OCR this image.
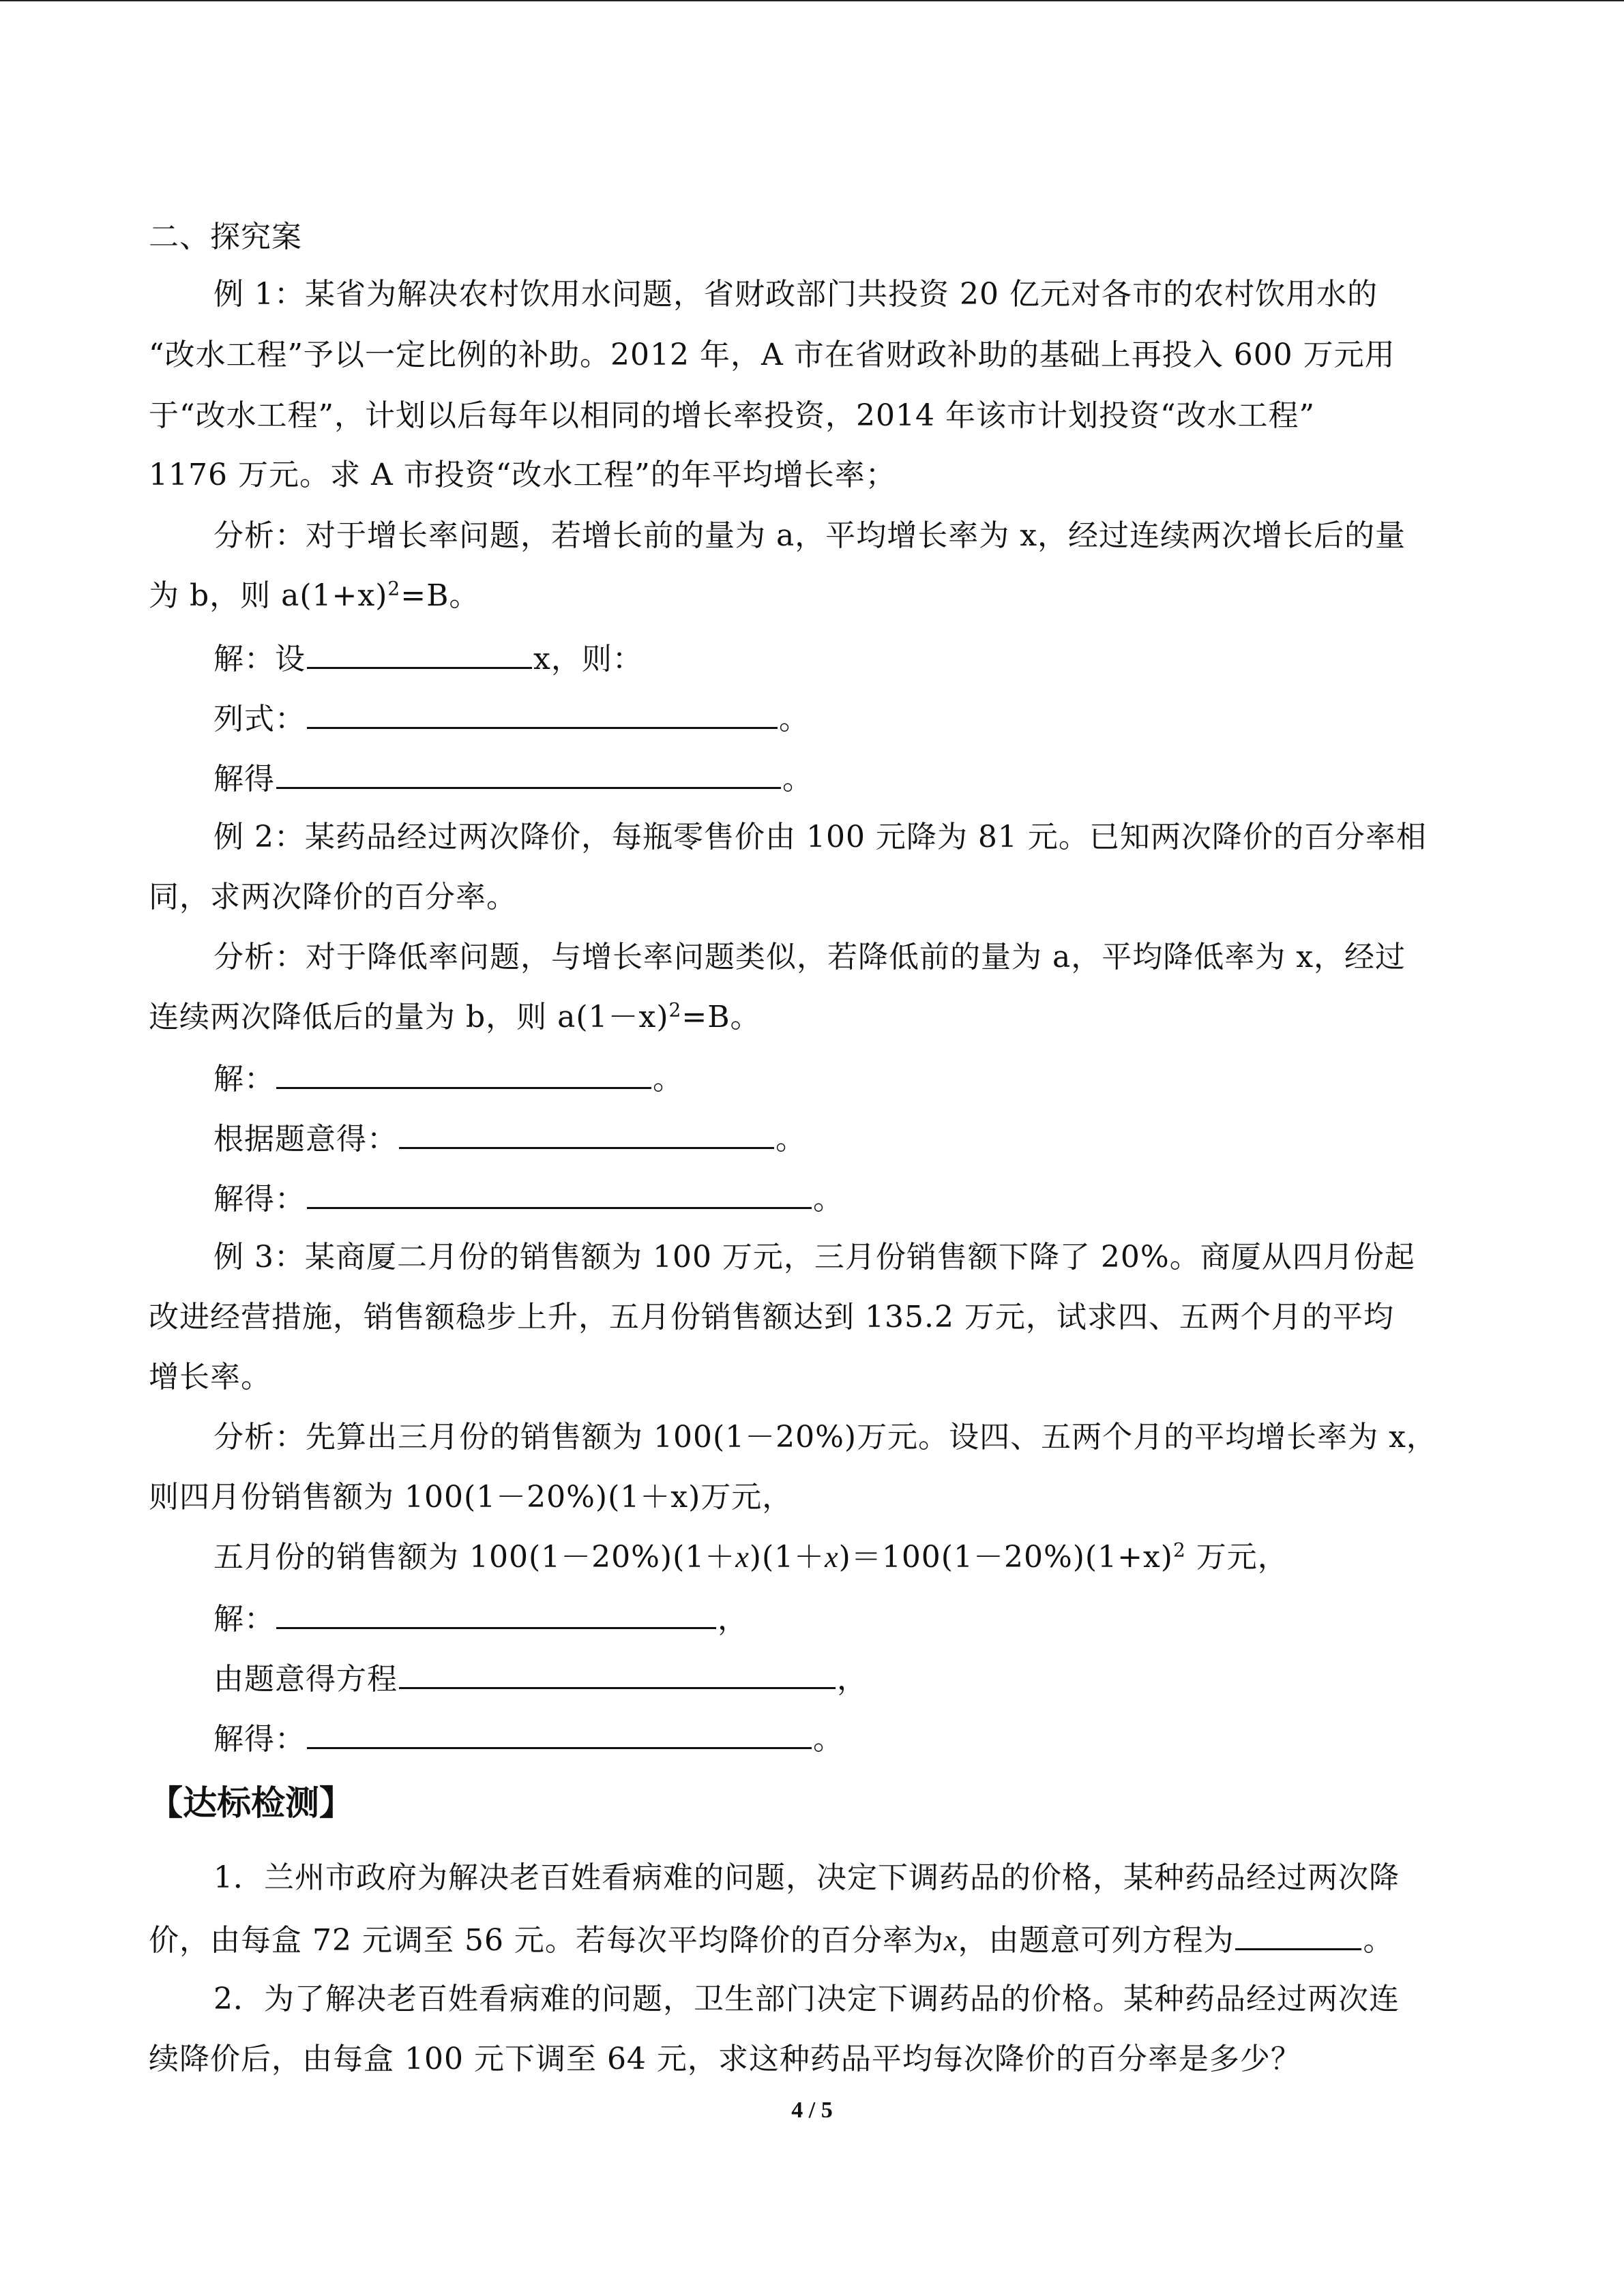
二、探究案
例 1：某省为解决农村饮用水问题，省财政部门共投资 20 亿元对各市的农村饮用水的
“改水工程”予以一定比例的补助。2012 年，A 市在省财政补助的基础上再投入 600 万元用
于“改水工程”，计划以后每年以相同的增长率投资，2014 年该市计划投资“改水工程”
1176 万元。求 A 市投资“改水工程”的年平均增长率；
分析：对于增长率问题，若增长前的量为 a，平均增长率为 x，经过连续两次增长后的量
为 b，则 $a(1+x)^2=B$。
解：设	x，则：
列式：	。
解得	。
例 2：某药品经过两次降价，每瓶零售价由 100 元降为 81 元。已知两次降价的百分率相
同，求两次降价的百分率。
分析：对于降低率问题，与增长率问题类似，若降低前的量为 a，平均降低率为 x，经过
连续两次降低后的量为 b，则 $a(1-x)^2=B$。
解：	。
根据题意得：	。
解得：	。
例 3：某商厦二月份的销售额为 100 万元，三月份销售额下降了 20%。商厦从四月份起
改进经营措施，销售额稳步上升，五月份销售额达到 135.2 万元，试求四、五两个月的平均
增长率。
分析：先算出三月份的销售额为 100(1－20%)万元。设四、五两个月的平均增长率为 x，
则四月份销售额为 100(1－20%)(1＋x)万元，
五月份的销售额为 $100(1-20\%)(1+x)(1+x)=100(1-20\%)(1+x)^2$ 万元，
解：	，
由题意得方程	，
解得：	。
【达标检测】
1．兰州市政府为解决老百姓看病难的问题，决定下调药品的价格，某种药品经过两次降
价，由每盒 72 元调至 56 元。若每次平均降价的百分率为x，由题意可列方程为	。
2．为了解决老百姓看病难的问题，卫生部门决定下调药品的价格。某种药品经过两次连
续降价后，由每盒 100 元下调至 64 元，求这种药品平均每次降价的百分率是多少？
4 / 5
